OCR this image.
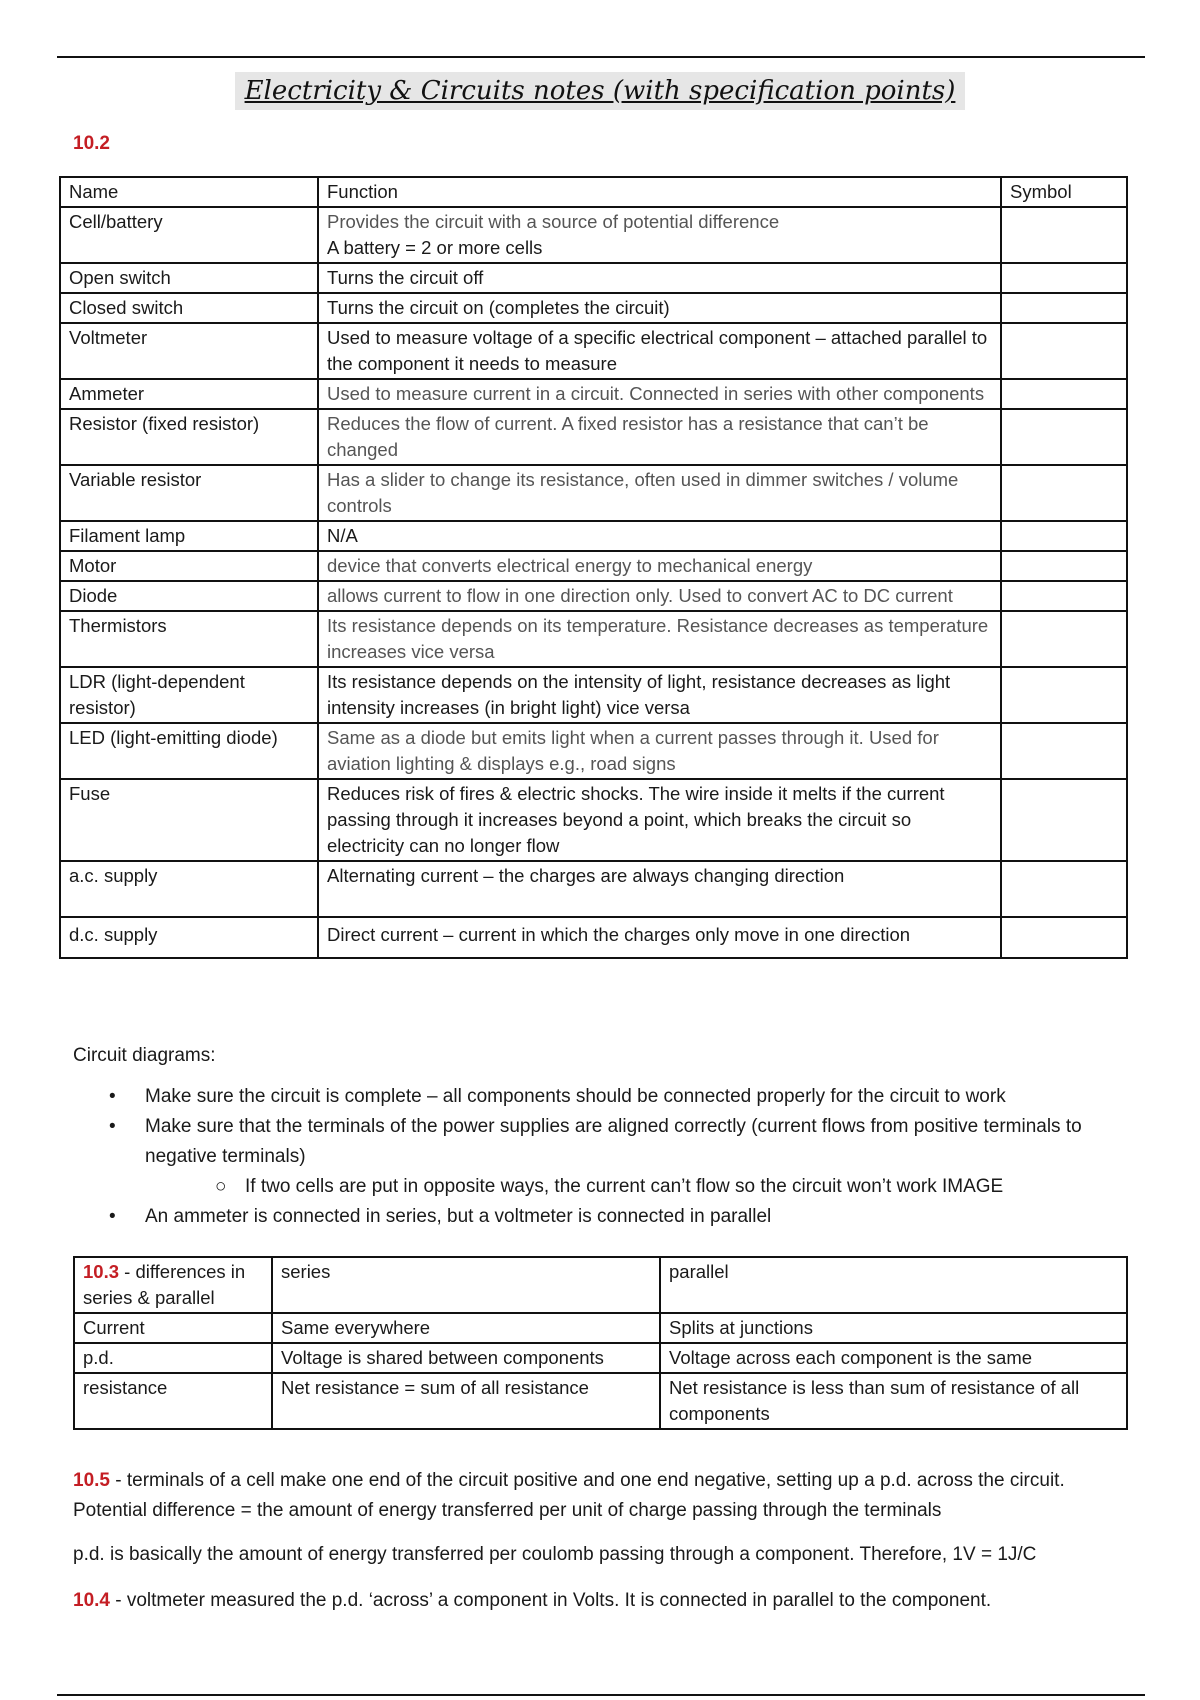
Electricity & Circuits notes (with specification points)
10.2
Name	Function	Symbol
Cell/battery	Provides the circuit with a source of potential difference
A battery = 2 or more cells	

Open switch	Turns the circuit off	
Closed switch	Turns the circuit on (completes the circuit)	
Voltmeter	Used to measure voltage of a specific electrical component – attached parallel to the component it needs to measure	
Ammeter	Used to measure current in a circuit. Connected in series with other components	
Resistor (fixed resistor)	Reduces the flow of current. A fixed resistor has a resistance that can’t be changed	
Variable resistor	Has a slider to change its resistance, often used in dimmer switches / volume controls	
Filament lamp	N/A	
Motor	device that converts electrical energy to mechanical energy	
Diode	allows current to flow in one direction only. Used to convert AC to DC current	
Thermistors	Its resistance depends on its temperature. Resistance decreases as temperature increases vice versa	
LDR (light-dependent resistor)	Its resistance depends on the intensity of light, resistance decreases as light intensity increases (in bright light) vice versa	
LED (light-emitting diode)	Same as a diode but emits light when a current passes through it. Used for aviation lighting & displays e.g., road signs	
Fuse	Reduces risk of fires & electric shocks. The wire inside it melts if the current passing through it increases beyond a point, which breaks the circuit so electricity can no longer flow	
a.c. supply	Alternating current – the charges are always changing direction	
d.c. supply	Direct current – current in which the charges only move in one direction	
Circuit diagrams:
• Make sure the circuit is complete – all components should be connected properly for the circuit to work
• Make sure that the terminals of the power supplies are aligned correctly (current flows from positive terminals to negative terminals)
○ If two cells are put in opposite ways, the current can’t flow so the circuit won’t work IMAGE
• An ammeter is connected in series, but a voltmeter is connected in parallel
10.3 - differences in series & parallel	series	parallel
Current	Same everywhere	Splits at junctions
p.d.	Voltage is shared between components	Voltage across each component is the same
resistance	Net resistance = sum of all resistance	Net resistance is less than sum of resistance of all components
10.5 - terminals of a cell make one end of the circuit positive and one end negative, setting up a p.d. across the circuit. Potential difference = the amount of energy transferred per unit of charge passing through the terminals
p.d. is basically the amount of energy transferred per coulomb passing through a component. Therefore, 1V = 1J/C
10.4 - voltmeter measured the p.d. ‘across’ a component in Volts. It is connected in parallel to the component.
